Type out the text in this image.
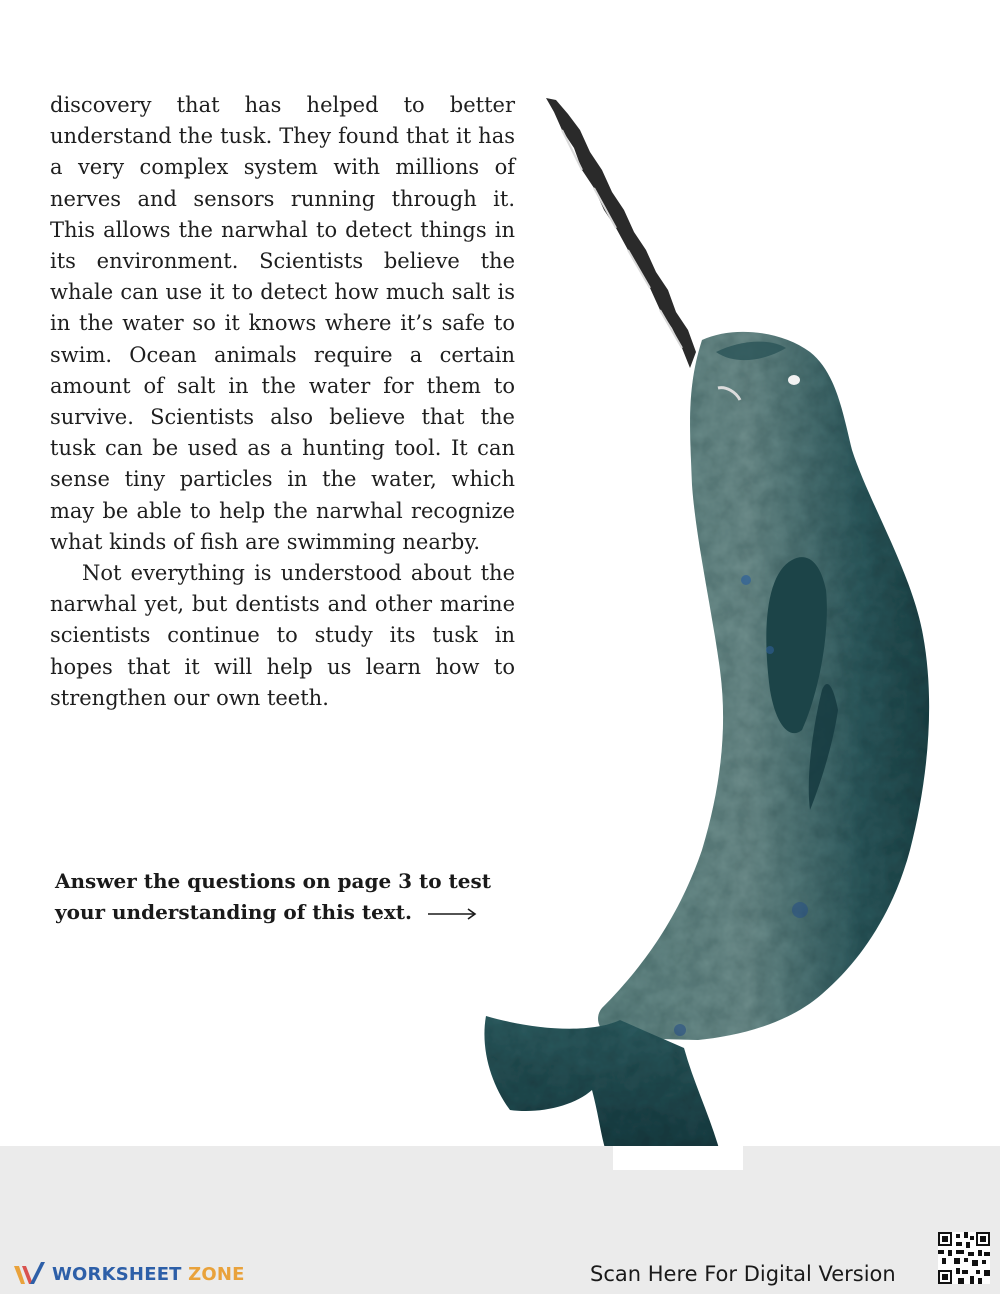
discovery that has helped to better understand the tusk. They found that it has a very complex system with millions of nerves and sensors running through it. This allows the narwhal to detect things in its environment. Scientists believe the whale can use it to detect how much salt is in the water so it knows where it’s safe to swim. Ocean animals require a certain amount of salt in the water for them to survive. Scientists also believe that the tusk can be used as a hunting tool. It can sense tiny particles in the water, which may be able to help the narwhal recognize what kinds of fish are swimming nearby.

Not everything is understood about the narwhal yet, but dentists and other marine scientists continue to study its tusk in hopes that it will help us learn how to strengthen our own teeth.

Answer the questions on page 3 to test
your understanding of this text.
WORKSHEET ZONE	Scan Here For Digital Version
